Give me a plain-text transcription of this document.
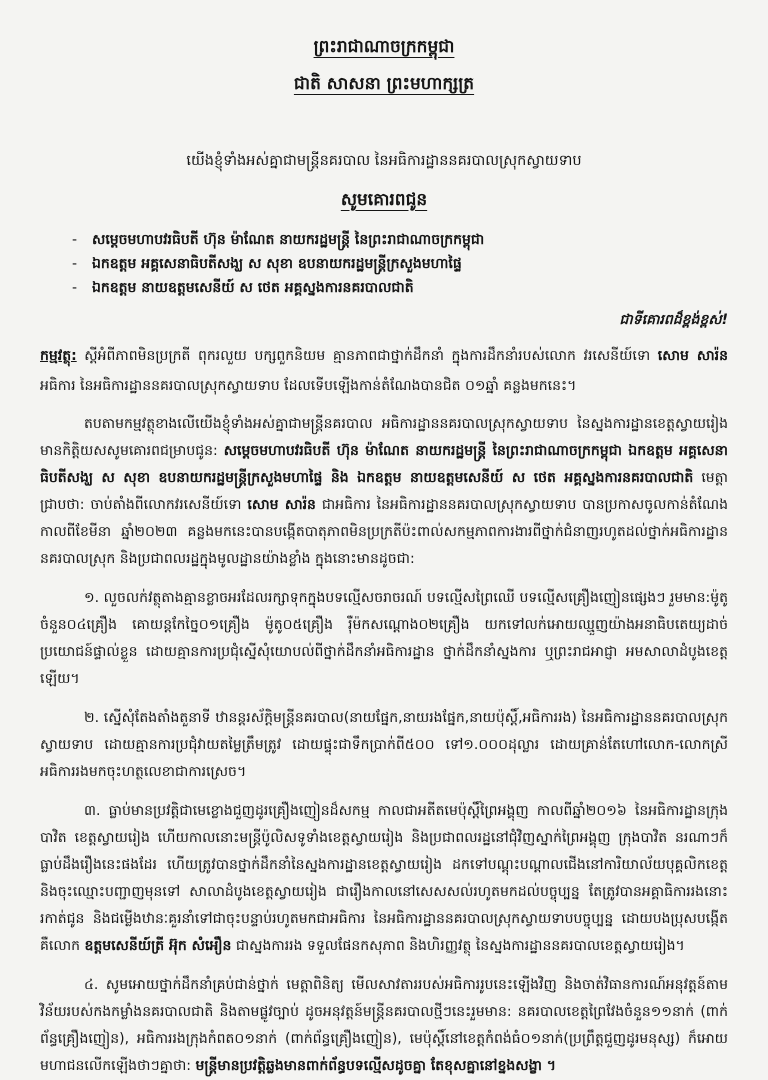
ព្រះរាជាណាចក្រកម្ពុជា
ជាតិ សាសនា ព្រះមហាក្សត្រ
យើងខ្ញុំទាំងអស់គ្នាជាមន្ត្រីនគរបាល នៃអធិការដ្ឋាននគរបាលស្រុកស្វាយទាប
សូមគោរពជូន
- សម្តេចមហាបវរធិបតី ហ៊ុន ម៉ាណែត នាយករដ្ឋមន្ត្រី នៃព្រះរាជាណាចក្រកម្ពុជា
- ឯកឧត្តម អគ្គសេនាធិបតីសង្ឃ ស សុខា ឧបនាយករដ្ឋមន្ត្រីក្រសួងមហាផ្ទៃ
- ឯកឧត្តម នាយឧត្តមសេនីយ៍ ស ថេត អគ្គស្នងការនគរបាលជាតិ
ជាទីគោរពដ៏ខ្ពង់ខ្ពស់!
កម្មវត្ថុ: ស្តីអំពីភាពមិនប្រក្រតី ពុករលួយ បក្សពួកនិយម គ្មានភាពជាថ្នាក់ដឹកនាំ ក្នុងការដឹកនាំរបស់លោក វរសេនីយ៍ទោ សោម សារ៉ន អធិការ នៃអធិការដ្ឋាននគរបាលស្រុកស្វាយទាប ដែលទើបឡើងកាន់តំណែងបានជិត ០១ឆ្នាំ គន្លងមកនេះ។
តបតាមកម្មវត្ថុខាងលើយើងខ្ញុំទាំងអស់គ្នាជាមន្ត្រីនគរបាល អធិការដ្ឋាននគរបាលស្រុកស្វាយទាប នៃស្នងការដ្ឋានខេត្តស្វាយរៀង មានកិត្តិយសសូមគោរពជម្រាបជូន: សម្តេចមហាបវរធិបតី ហ៊ុន ម៉ាណែត នាយករដ្ឋមន្ត្រី នៃព្រះរាជាណាចក្រកម្ពុជា ឯកឧត្តម អគ្គសេនាធិបតីសង្ឃ ស សុខា ឧបនាយករដ្ឋមន្ត្រីក្រសួងមហាផ្ទៃ និង ឯកឧត្តម នាយឧត្តមសេនីយ៍ ស ថេត អគ្គស្នងការនគរបាលជាតិ មេត្តាជ្រាបថា: ចាប់តាំងពីលោកវរសេនីយ៍ទោ សោម សារ៉ន ជាអធិការ នៃអធិការដ្ឋាននគរបាលស្រុកស្វាយទាប បានប្រកាសចូលកាន់តំណែងកាលពីខែមីនា ឆ្នាំ២០២៣ គន្លងមកនេះបានបង្កើតបាតុភាពមិនប្រក្រតីប៉ះពាល់សកម្មភាពការងារពីថ្នាក់ជំនាញរហូតដល់ថ្នាក់អធិការដ្ឋាននគរបាលស្រុក និងប្រជាពលរដ្ឋក្នុងមូលដ្ឋានយ៉ាងខ្លាំង ក្នុងនោះមានដូចជា:
១. លួចលក់វត្ថុតាងគ្មានខ្លាចអរដែលរក្សាទុកក្នុងបទល្មើសចរាចរណ៍ បទល្មើសព្រៃឈើ បទល្មើសគ្រឿងញៀនផ្សេងៗ រួមមាន:ម៉ូតូចំនួន០៤គ្រឿង គោយន្តកែច្នៃ០១គ្រឿង ម៉ូតូ០៥គ្រឿង រ៉ឺម៉កសណ្តោង០២គ្រឿង យកទៅលក់អោយឈ្មួញយ៉ាងអនាធិបតេយ្យដាច់ប្រយោជន៍ផ្ទាល់ខ្លួន ដោយគ្មានការប្រជុំស្នើសុំយោបល់ពីថ្នាក់ដឹកនាំអធិការដ្ឋាន ថ្នាក់ដឹកនាំស្នងការ ឬព្រះរាជអាជ្ញា អមសាលាដំបូងខេត្តឡើយ។
២. ស្នើសុំតែងតាំងតួនាទី ឋានន្តរស័ក្តិមន្ត្រីនគរបាល(នាយផ្នែក,នាយរងផ្នែក,នាយប៉ុស្តិ៍,អធិការរង) នៃអធិការដ្ឋាននគរបាលស្រុកស្វាយទាប ដោយគ្មានការប្រជុំវាយតម្លៃត្រឹមត្រូវ ដោយផ្ទុះជាទឹកប្រាក់ពី៥០០ ទៅ១.០០០ដុល្លារ ដោយគ្រាន់តែហៅលោក-លោកស្រី អធិការរងមកចុះហត្ថលេខាជាការស្រេច។
៣. ធ្លាប់មានប្រវត្តិជាមេខ្លោងជួញដូរគ្រឿងញៀនដ៏សកម្ម កាលជាអតីតមេប៉ុស្តិ៍ព្រៃអង្គុញ កាលពីឆ្នាំ២០១៦ នៃអធិការដ្ឋានក្រុងបាវិត ខេត្តស្វាយរៀង ហើយកាលនោះមន្ត្រីប៉ូលិសទូទាំងខេត្តស្វាយរៀង និងប្រជាពលរដ្ឋនៅជុំវិញស្នាក់ព្រៃអង្គុញ ក្រុងបាវិត នរណាៗក៏ធ្លាប់ដឹងរឿងនេះផងដែរ ហើយត្រូវបានថ្នាក់ដឹកនាំនៃស្នងការដ្ឋានខេត្តស្វាយរៀង ដកទៅបណ្តុះបណ្តាលជើងនៅការិយាល័យបុគ្គលិកខេត្ត និងចុះឈ្មោះបញ្ជាញមុនទៅ សាលាដំបូងខេត្តស្វាយរៀង ជារឿងកាលនៅសេសសល់រហូតមកដល់បច្ចុប្បន្ន តែត្រូវបានអគ្គាធិការរងនោះរកាត់ជូន និងជម្លើងឋានៈគួរនាំទៅជាចុះបន្ទាប់រហូតមកជាអធិការ នៃអធិការដ្ឋាននគរបាលស្រុកស្វាយទាបបច្ចុប្បន្ន ដោយបងប្រុសបង្កើត គឺលោក ឧត្តមសេនីយ៍ត្រី អ៊ុក សំអឿន ជាស្នងការរង ទទួលផែនកសុភាព និងហិរញ្ញវត្ថុ នៃស្នងការដ្ឋាននគរបាលខេត្តស្វាយរៀង។
៤. សូមអោយថ្នាក់ដឹកនាំគ្រប់ជាន់ថ្នាក់ មេត្តាពិនិត្យ មើលសាវតាររបស់អធិការរូបនេះឡើងវិញ និងចាត់វិធានការណ៍អនុវត្តន៍តាមវិន័យរបស់កងកម្លាំងនគរបាលជាតិ និងតាមផ្លូវច្បាប់ ដូចអនុវត្តន៍មន្ត្រីនគរបាលថ្មីៗនេះរួមមាន: នគរបាលខេត្តព្រៃវែងចំនួន១១នាក់ (ពាក់ព័ន្ធគ្រឿងញៀន), អធិការរងក្រុងកំពត០១នាក់ (ពាក់ព័ន្ធគ្រឿងញៀន), មេប៉ុស្តិ៍នៅខេត្តកំពង់ធំ០១នាក់(ប្រព្រឹត្តជួញដូរមនុស្ស) ក៏អោយមហាជនលើកឡើងថាៗគ្នាថា: មន្ត្រីមានប្រវត្តិឆ្លងមានពាក់ព័ន្ធបទល្មើសដូចគ្នា តែខុសគ្នានៅខ្នងសង្ខា ។
